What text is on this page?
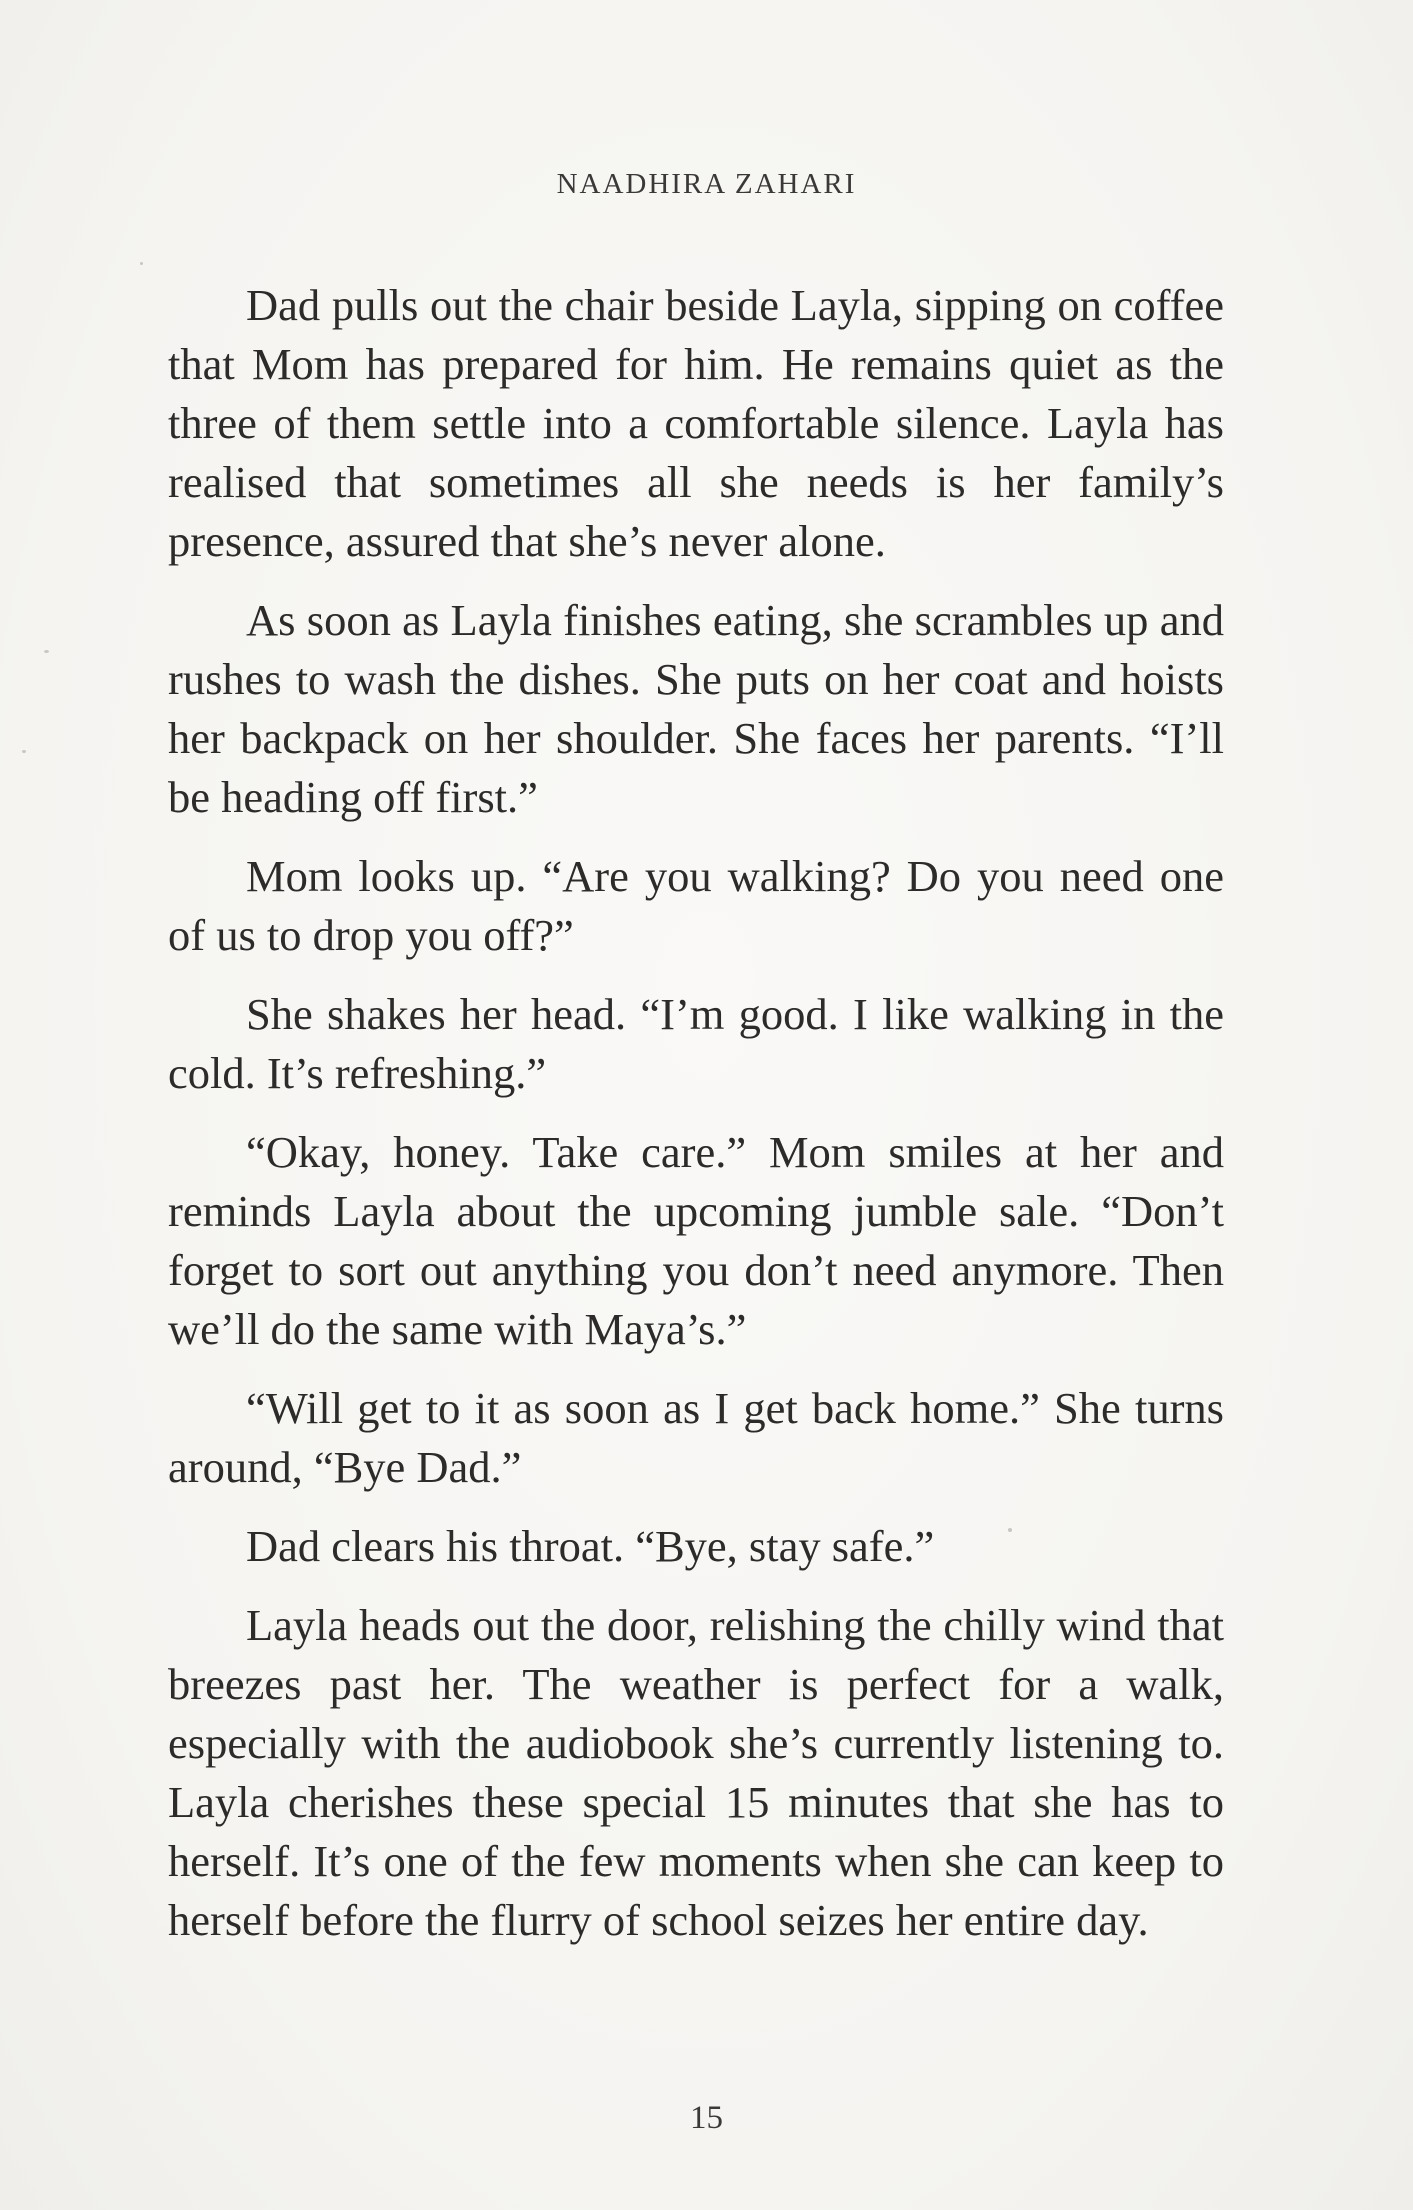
NAADHIRA ZAHARI

Dad pulls out the chair beside Layla, sipping on coffee that Mom has prepared for him. He remains quiet as the three of them settle into a comfortable silence. Layla has realised that sometimes all she needs is her family’s presence, assured that she’s never alone.

As soon as Layla finishes eating, she scrambles up and rushes to wash the dishes. She puts on her coat and hoists her backpack on her shoulder. She faces her parents. “I’ll be heading off first.”

Mom looks up. “Are you walking? Do you need one of us to drop you off?”

She shakes her head. “I’m good. I like walking in the cold. It’s refreshing.”

“Okay, honey. Take care.” Mom smiles at her and reminds Layla about the upcoming jumble sale. “Don’t forget to sort out anything you don’t need anymore. Then we’ll do the same with Maya’s.”

“Will get to it as soon as I get back home.” She turns around, “Bye Dad.”

Dad clears his throat. “Bye, stay safe.”

Layla heads out the door, relishing the chilly wind that breezes past her. The weather is perfect for a walk, especially with the audiobook she’s currently listening to. Layla cherishes these special 15 minutes that she has to herself. It’s one of the few moments when she can keep to herself before the flurry of school seizes her entire day.

15
